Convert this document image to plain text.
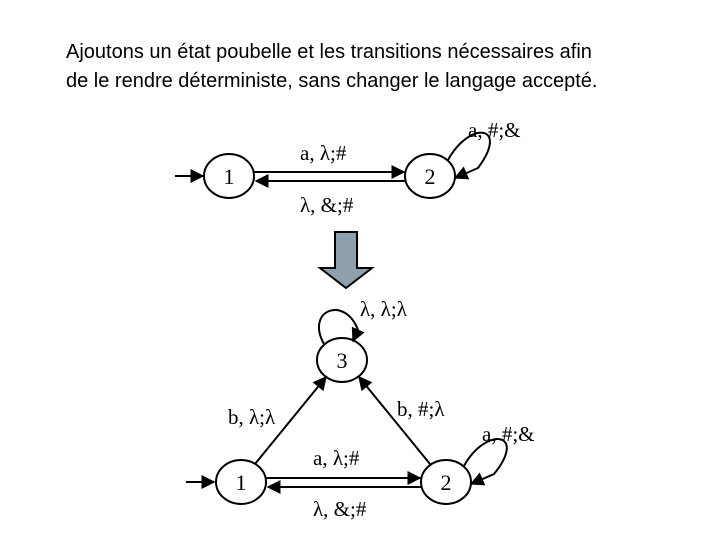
Ajoutons un état poubelle et les transitions nécessaires afin
de le rendre déterministe, sans changer le langage accepté.
1	2
a, λ;#
λ, &;#
a, #;&
3
1	2
λ, λ;λ
b, λ;λ	b, #;λ
a, λ;#
λ, &;#
a, #;&
